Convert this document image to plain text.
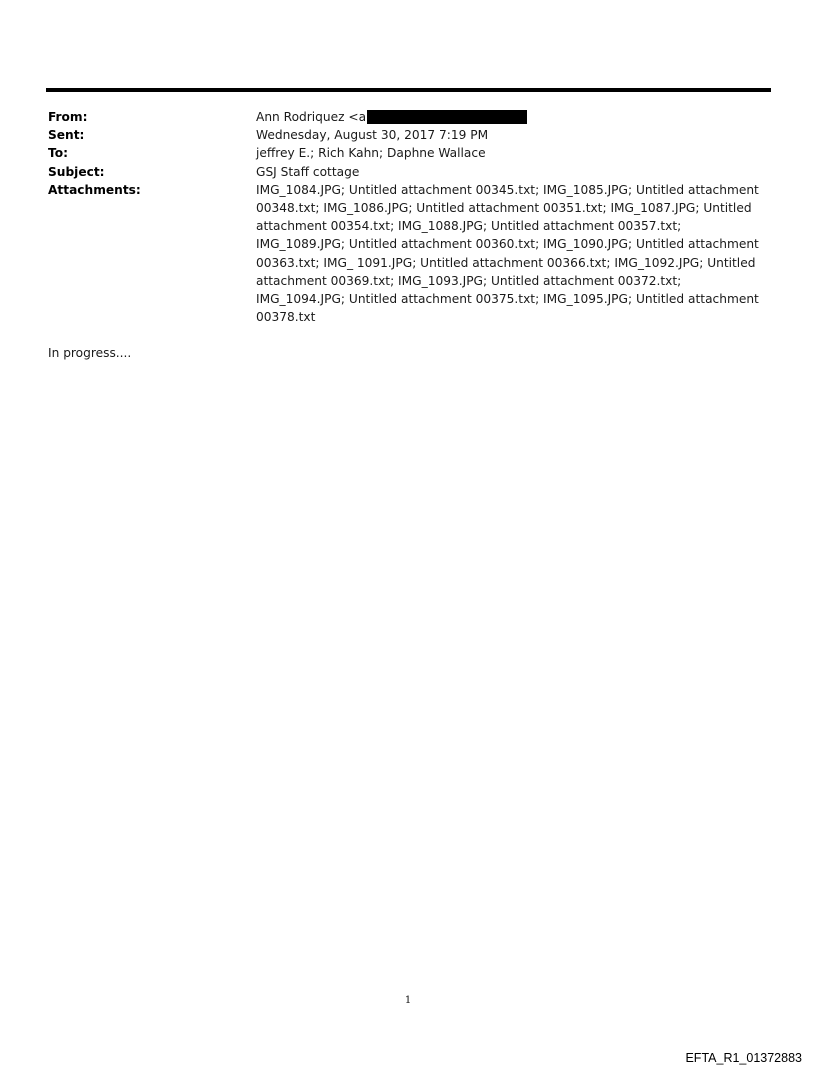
From:	Ann Rodriquez <a
Sent:	Wednesday, August 30, 2017 7:19 PM
To:	jeffrey E.; Rich Kahn; Daphne Wallace
Subject:	GSJ Staff cottage
Attachments:	IMG_1084.JPG; Untitled attachment 00345.txt; IMG_1085.JPG; Untitled attachment 00348.txt; IMG_1086.JPG; Untitled attachment 00351.txt; IMG_1087.JPG; Untitled attachment 00354.txt; IMG_1088.JPG; Untitled attachment 00357.txt; IMG_1089.JPG; Untitled attachment 00360.txt; IMG_1090.JPG; Untitled attachment 00363.txt; IMG_ 1091.JPG; Untitled attachment 00366.txt; IMG_1092.JPG; Untitled attachment 00369.txt; IMG_1093.JPG; Untitled attachment 00372.txt; IMG_1094.JPG; Untitled attachment 00375.txt; IMG_1095.JPG; Untitled attachment 00378.txt
In progress....
1
EFTA_R1_01372883
